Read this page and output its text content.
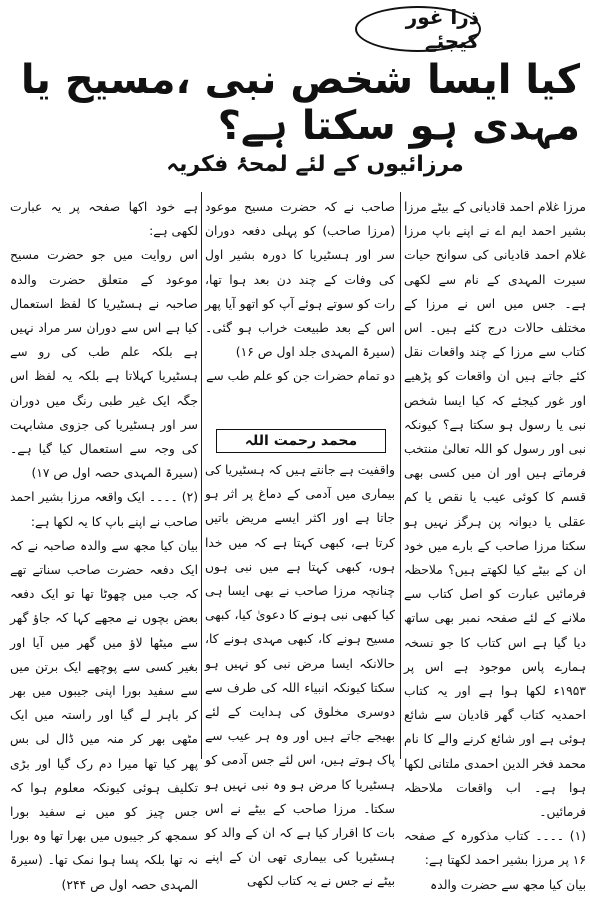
ذرا غور کیجئے
کیا ایسا شخص نبی ،مسیح یا مہدی ہو سکتا ہے؟
مرزائیوں کے لئے لمحۂ فکریہ

مرزا غلام احمد قادیانی کے بیٹے مرزا بشیر احمد ایم اے نے اپنے باپ مرزا غلام احمد قادیانی کی سوانح حیات سیرت المہدی کے نام سے لکھی ہے۔ جس میں اس نے مرزا کے مختلف حالات درج کئے ہیں۔ اس کتاب سے مرزا کے چند واقعات نقل کئے جاتے ہیں ان واقعات کو پڑھیے اور غور کیجئے کہ کیا ایسا شخص نبی یا رسول ہو سکتا ہے؟ کیونکہ نبی اور رسول کو اللہ تعالیٰ منتخب فرماتے ہیں اور ان میں کسی بھی قسم کا کوئی عیب یا نقص یا کم عقلی یا دیوانہ پن ہرگز نہیں ہو سکتا مرزا صاحب کے بارے میں خود ان کے بیٹے کیا لکھتے ہیں؟ ملاحظہ فرمائیں عبارت کو اصل کتاب سے ملانے کے لئے صفحہ نمبر بھی ساتھ دیا گیا ہے اس کتاب کا جو نسخہ ہمارے پاس موجود ہے اس پر ۱۹۵۳ء لکھا ہوا ہے اور یہ کتاب احمدیہ کتاب گھر قادیان سے شائع ہوئی ہے اور شائع کرنے والے کا نام محمد فخر الدین احمدی ملتانی لکھا ہوا ہے۔ اب واقعات ملاحظہ فرمائیں۔

(۱) ۔۔۔۔ کتاب مذکورہ کے صفحہ ۱۶ پر مرزا بشیر احمد لکھتا ہے:

بیان کیا مجھ سے حضرت والدہ

صاحب نے کہ حضرت مسیح موعود (مرزا صاحب) کو پہلی دفعہ دوران سر اور ہسٹیریا کا دورہ بشیر اول کی وفات کے چند دن بعد ہوا تھا، رات کو سوتے ہوئے آپ کو اتھو آیا پھر اس کے بعد طبیعت خراب ہو گئی۔ (سیرۃ المہدی جلد اول ص ۱۶)

دو تمام حضرات جن کو علم طب سے

محمد رحمت اللہ

واقفیت ہے جانتے ہیں کہ ہسٹیریا کی بیماری میں آدمی کے دماغ پر اثر ہو جاتا ہے اور اکثر ایسے مریض باتیں کرتا ہے، کبھی کہتا ہے کہ میں خدا ہوں، کبھی کہتا ہے میں نبی ہوں چنانچہ مرزا صاحب نے بھی ایسا ہی کیا کبھی نبی ہونے کا دعویٰ کیا، کبھی مسیح ہونے کا، کبھی مہدی ہونے کا، حالانکہ ایسا مرض نبی کو نہیں ہو سکتا کیونکہ انبیاء اللہ کی طرف سے دوسری مخلوق کی ہدایت کے لئے بھیجے جاتے ہیں اور وہ ہر عیب سے پاک ہوتے ہیں، اس لئے جس آدمی کو ہسٹیریا کا مرض ہو وہ نبی نہیں ہو سکتا۔ مرزا صاحب کے بیٹے نے اس بات کا اقرار کیا ہے کہ ان کے والد کو ہسٹیریا کی بیماری تھی ان کے اپنے بیٹے نے جس نے یہ کتاب لکھی

ہے خود اکھا صفحہ پر یہ عبارت لکھی ہے:

اس روایت میں جو حضرت مسیح موعود کے متعلق حضرت والدہ صاحبہ نے ہسٹیریا کا لفظ استعمال کیا ہے اس سے دوران سر مراد نہیں ہے بلکہ علم طب کی رو سے ہسٹیریا کہلاتا ہے بلکہ یہ لفظ اس جگہ ایک غیر طبی رنگ میں دوران سر اور ہسٹیریا کی جزوی مشابہت کی وجہ سے استعمال کیا گیا ہے۔ (سیرۃ المہدی حصہ اول ص ۱۷)

(۲) ۔۔۔۔ ایک واقعہ مرزا بشیر احمد صاحب نے اپنے باپ کا یہ لکھا ہے:

بیان کیا مجھ سے والدہ صاحبہ نے کہ ایک دفعہ حضرت صاحب سناتے تھے کہ جب میں چھوٹا تھا تو ایک دفعہ بعض بچوں نے مجھے کہا کہ جاؤ گھر سے میٹھا لاؤ میں گھر میں آیا اور بغیر کسی سے پوچھے ایک برتن میں سے سفید بورا اپنی جیبوں میں بھر کر باہر لے گیا اور راستہ میں ایک مٹھی بھر کر منہ میں ڈال لی بس پھر کیا تھا میرا دم رک گیا اور بڑی تکلیف ہوئی کیونکہ معلوم ہوا کہ جس چیز کو میں نے سفید بورا سمجھ کر جیبوں میں بھرا تھا وہ بورا نہ تھا بلکہ پسا ہوا نمک تھا۔ (سیرۃ المہدی حصہ اول ص ۲۴۴)
